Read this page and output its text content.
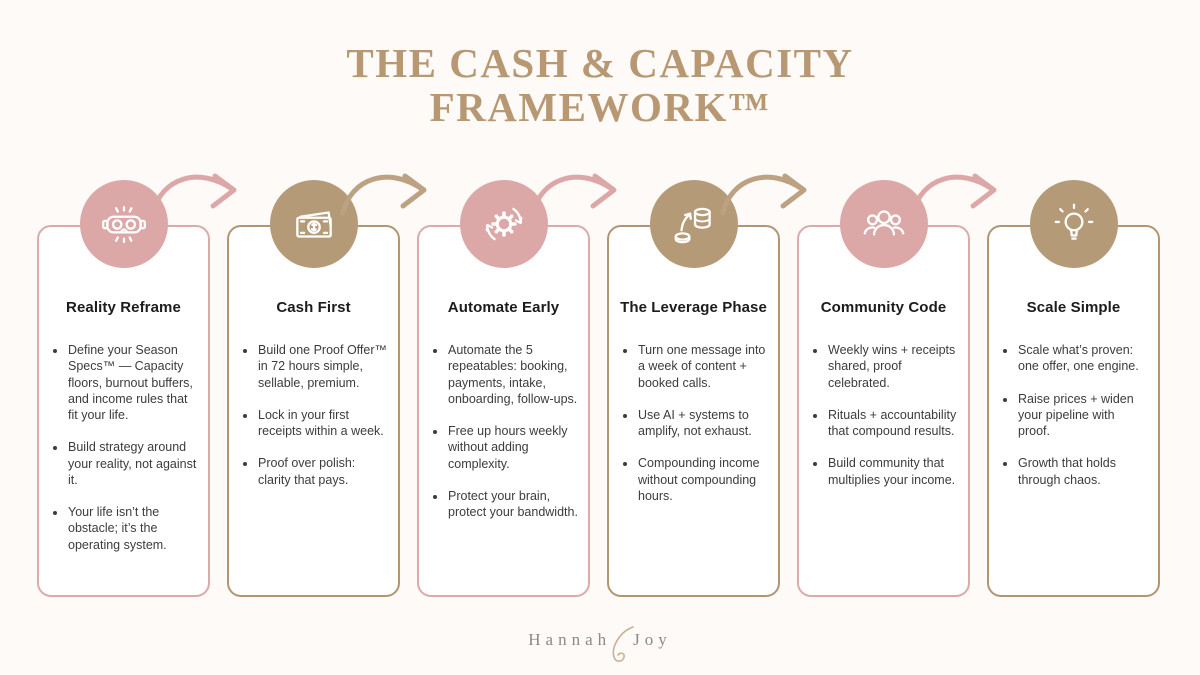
THE CASH & CAPACITY
FRAMEWORK™
Reality Reframe
• Define your Season Specs™ — Capacity floors, burnout buffers, and income rules that fit your life.
• Build strategy around your reality, not against it.
• Your life isn’t the obstacle; it’s the operating system.
Cash First
• Build one Proof Offer™ in 72 hours simple, sellable, premium.
• Lock in your first receipts within a week.
• Proof over polish: clarity that pays.
Automate Early
• Automate the 5 repeatables: booking, payments, intake, onboarding, follow-ups.
• Free up hours weekly without adding complexity.
• Protect your brain, protect your bandwidth.
The Leverage Phase
• Turn one message into a week of content + booked calls.
• Use AI + systems to amplify, not exhaust.
• Compounding income without compounding hours.
Community Code
• Weekly wins + receipts shared, proof celebrated.
• Rituals + accountability that compound results.
• Build community that multiplies your income.
Scale Simple
• Scale what’s proven: one offer, one engine.
• Raise prices + widen your pipeline with proof.
• Growth that holds through chaos.
Hannah Joy
